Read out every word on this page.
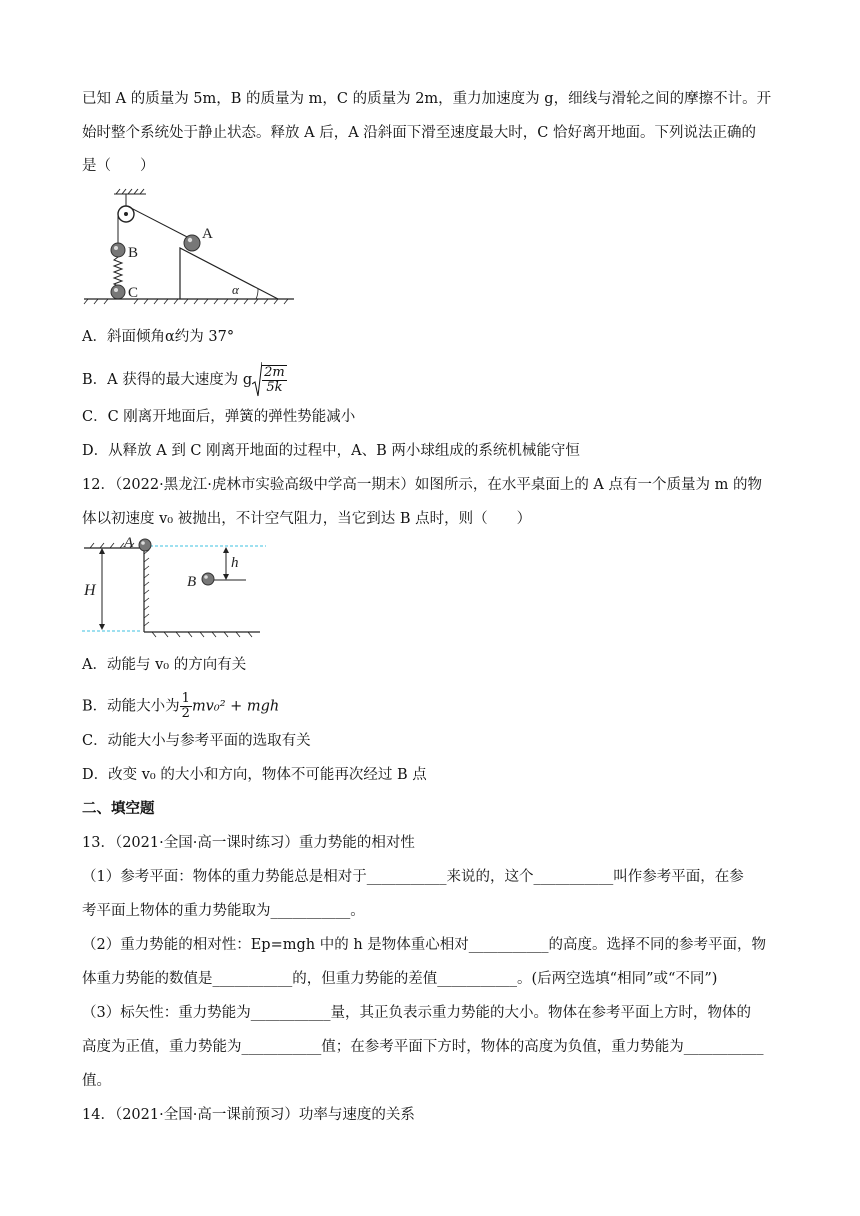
已知 A 的质量为 5m，B 的质量为 m，C 的质量为 2m，重力加速度为 g，细线与滑轮之间的摩擦不计。开
始时整个系统处于静止状态。释放 A 后，A 沿斜面下滑至速度最大时，C 恰好离开地面。下列说法正确的
是（　　）
B
C	α
A
A．斜面倾角α约为 37°
B．A 获得的最大速度为 g $\frac{2m}{5k}$
C．C 刚离开地面后，弹簧的弹性势能减小
D．从释放 A 到 C 刚离开地面的过程中，A、B 两小球组成的系统机械能守恒
12．（2022·黑龙江·虎林市实验高级中学高一期末）如图所示，在水平桌面上的 A 点有一个质量为 m 的物
体以初速度 v₀ 被抛出，不计空气阻力，当它到达 B 点时，则（　　）
H
A
h
B
A．动能与 v₀ 的方向有关
B．动能大小为 $\frac{1}{2} mv_0^2$ + mgh
C．动能大小与参考平面的选取有关
D．改变 v₀ 的大小和方向，物体不可能再次经过 B 点
二、填空题
13．（2021·全国·高一课时练习）重力势能的相对性
（1）参考平面：物体的重力势能总是相对于___________来说的，这个___________叫作参考平面，在参
考平面上物体的重力势能取为___________。
（2）重力势能的相对性：Ep=mgh 中的 h 是物体重心相对___________的高度。选择不同的参考平面，物
体重力势能的数值是___________的，但重力势能的差值___________。(后两空选填“相同”或“不同”)
（3）标矢性：重力势能为___________量，其正负表示重力势能的大小。物体在参考平面上方时，物体的
高度为正值，重力势能为___________值；在参考平面下方时，物体的高度为负值，重力势能为___________
值。
14．（2021·全国·高一课前预习）功率与速度的关系
